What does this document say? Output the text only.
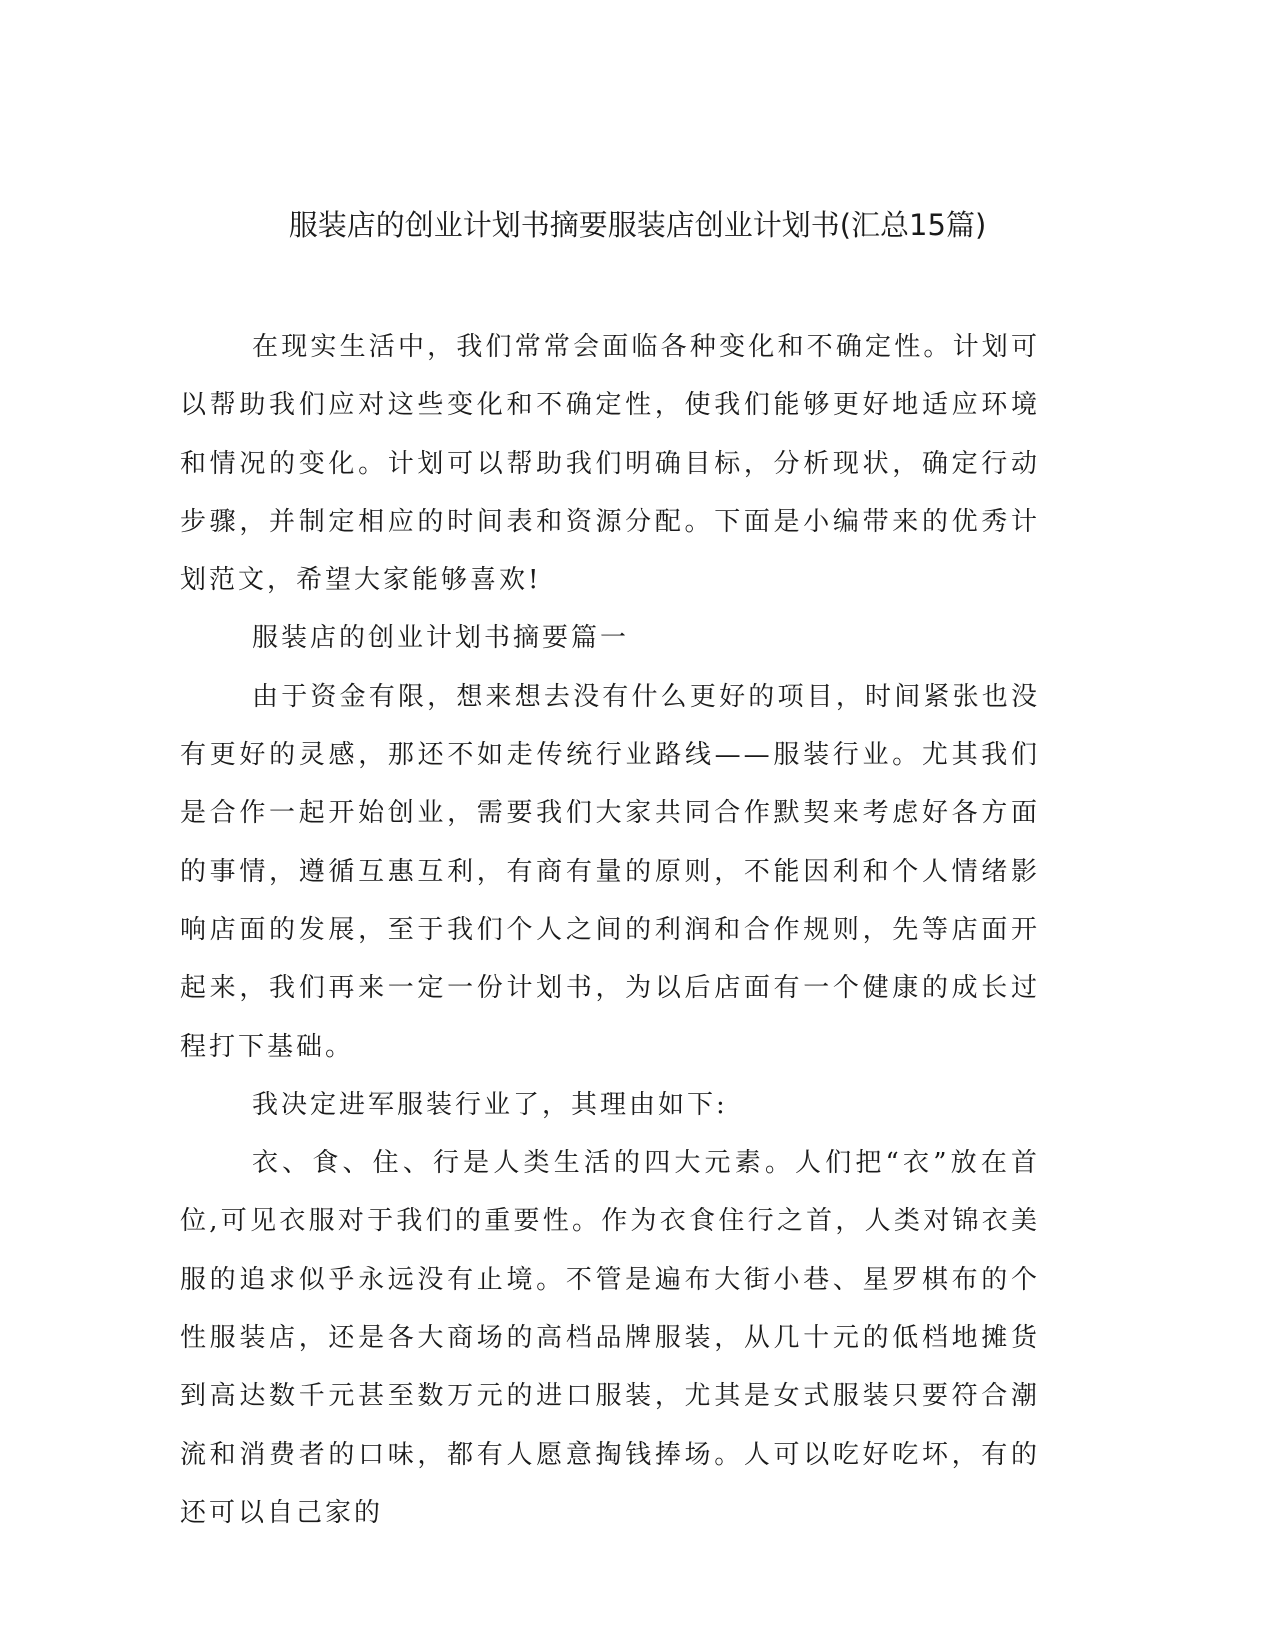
服装店的创业计划书摘要服装店创业计划书(汇总15篇)

在现实生活中，我们常常会面临各种变化和不确定性。计划可以帮助我们应对这些变化和不确定性，使我们能够更好地适应环境和情况的变化。计划可以帮助我们明确目标，分析现状，确定行动步骤，并制定相应的时间表和资源分配。下面是小编带来的优秀计划范文，希望大家能够喜欢!

服装店的创业计划书摘要篇一

由于资金有限，想来想去没有什么更好的项目，时间紧张也没有更好的灵感，那还不如走传统行业路线——服装行业。尤其我们是合作一起开始创业，需要我们大家共同合作默契来考虑好各方面的事情，遵循互惠互利，有商有量的原则，不能因利和个人情绪影响店面的发展，至于我们个人之间的利润和合作规则，先等店面开起来，我们再来一定一份计划书，为以后店面有一个健康的成长过程打下基础。

我决定进军服装行业了，其理由如下:

衣、食、住、行是人类生活的四大元素。人们把“衣”放在首位,可见衣服对于我们的重要性。作为衣食住行之首，人类对锦衣美服的追求似乎永远没有止境。不管是遍布大街小巷、星罗棋布的个性服装店，还是各大商场的高档品牌服装，从几十元的低档地摊货到高达数千元甚至数万元的进口服装，尤其是女式服装只要符合潮流和消费者的口味，都有人愿意掏钱捧场。人可以吃好吃坏，有的还可以自己家的
